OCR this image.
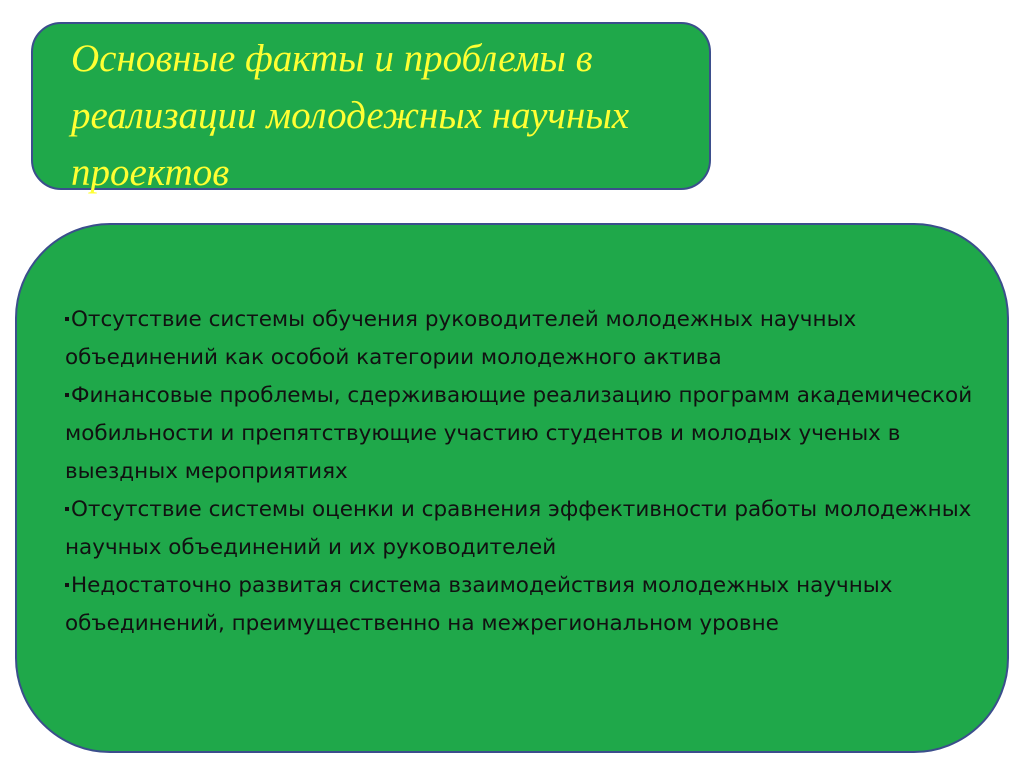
Основные факты и проблемы в реализации молодежных научных проектов
Отсутствие системы обучения руководителей молодежных научных объединений как особой категории молодежного актива
Финансовые проблемы, сдерживающие реализацию программ академической мобильности и препятствующие участию студентов и молодых ученых в выездных мероприятиях
Отсутствие системы оценки и сравнения эффективности работы молодежных научных объединений и их руководителей
Недостаточно развитая система взаимодействия молодежных научных объединений, преимущественно на межрегиональном уровне
